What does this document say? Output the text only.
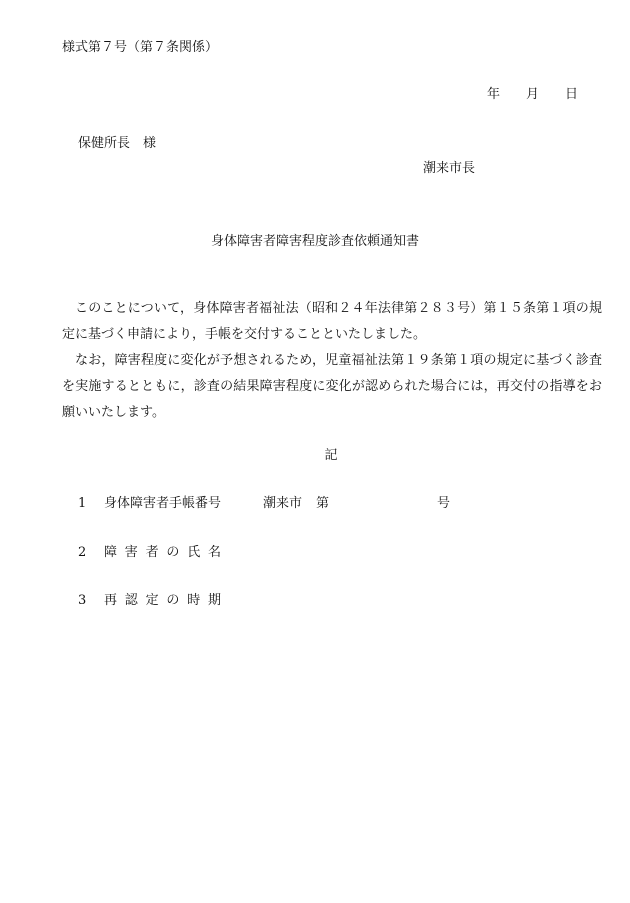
様式第７号（第７条関係）
年 月 日
保健所長　様
潮来市長
身体障害者障害程度診査依頼通知書

このことについて，身体障害者福祉法（昭和２４年法律第２８３号）第１５条第１項の規定に基づく申請により，手帳を交付することといたしました。

なお，障害程度に変化が予想されるため，児童福祉法第１９条第１項の規定に基づく診査を実施するとともに，診査の結果障害程度に変化が認められた場合には，再交付の指導をお願いいたします。

記
1 身体障害者手帳番号	潮来市 第	号
2 障害者の氏名
3 再認定の時期
